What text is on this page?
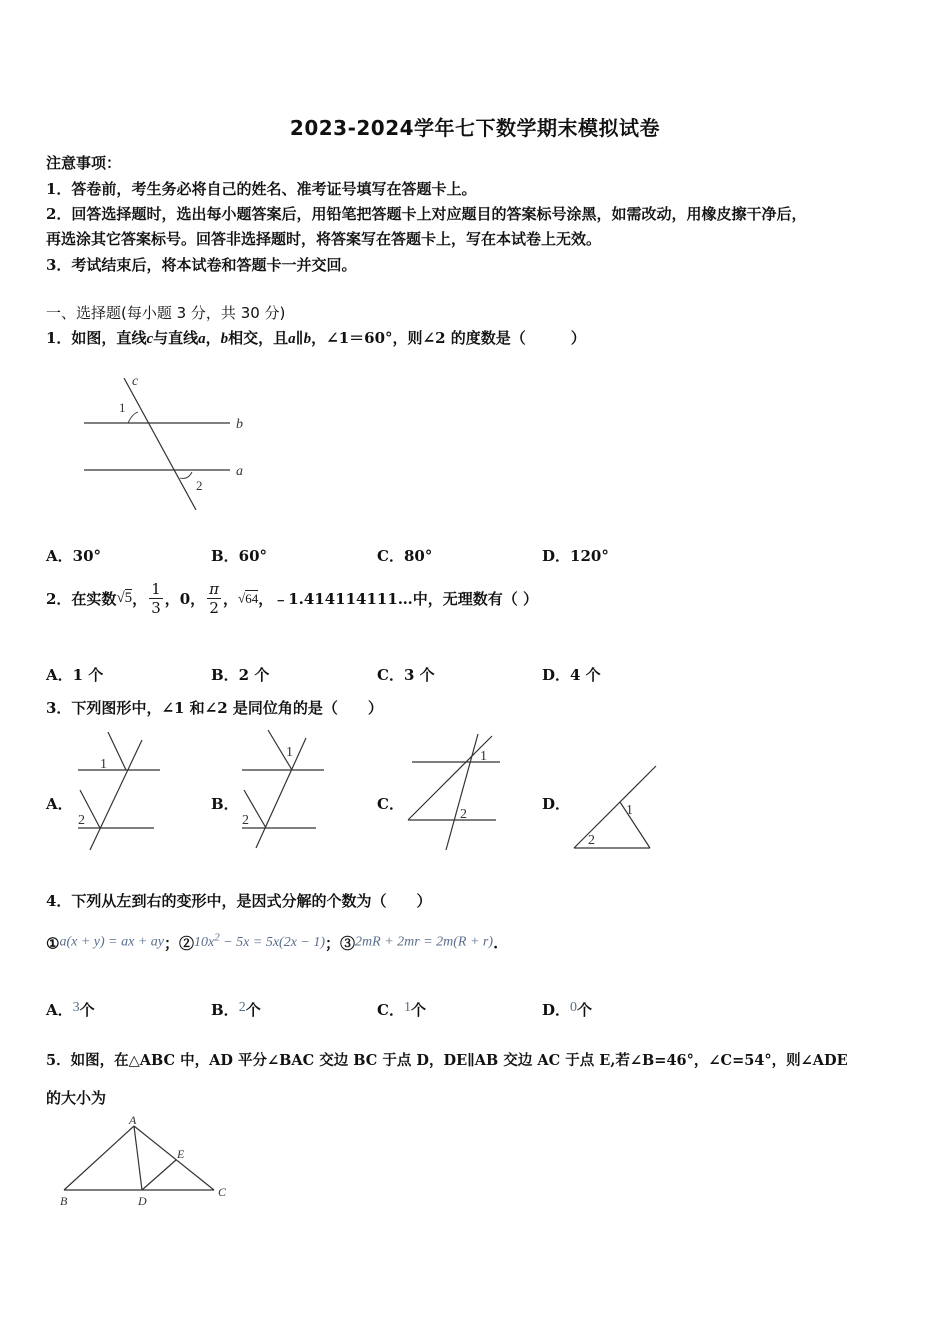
2023-2024学年七下数学期末模拟试卷
注意事项：
1．答卷前，考生务必将自己的姓名、准考证号填写在答题卡上。
2．回答选择题时，选出每小题答案后，用铅笔把答题卡上对应题目的答案标号涂黑，如需改动，用橡皮擦干净后，
再选涂其它答案标号。回答非选择题时，将答案写在答题卡上，写在本试卷上无效。
3．考试结束后，将本试卷和答题卡一并交回。
一、选择题(每小题 3 分，共 30 分)
1．如图，直线c与直线a，b相交，且a∥b，∠1＝60°，则∠2 的度数是（　　　）
c
1
b
a
2
A．30°	B．60°	C．80°	D．120°
2．在实数√5， $\frac{1}{3}$ ，0， $\frac{\pi}{2}$ ，√64，﹣1.414114111…中，无理数有（ ）
A．1 个	B．2 个	C．3 个	D．4 个
3．下列图形中，∠1 和∠2 是同位角的是（　　）
A．
1
2
B．
1
2
C．
1
2
D．	1
2
4．下列从左到右的变形中，是因式分解的个数为（　　）
①a(x + y) = ax + ay；$②10x^2 - 5x = 5x(2x - 1)$；③2mR + 2mr = 2m(R + r).
A．3个	B．2个	C．1个	D．0个
5．如图，在△ABC 中，AD 平分∠BAC 交边 BC 于点 D，DE∥AB 交边 AC 于点 E,若∠B=46°，∠C=54°，则∠ADE
的大小为
A
B
C
D
E
